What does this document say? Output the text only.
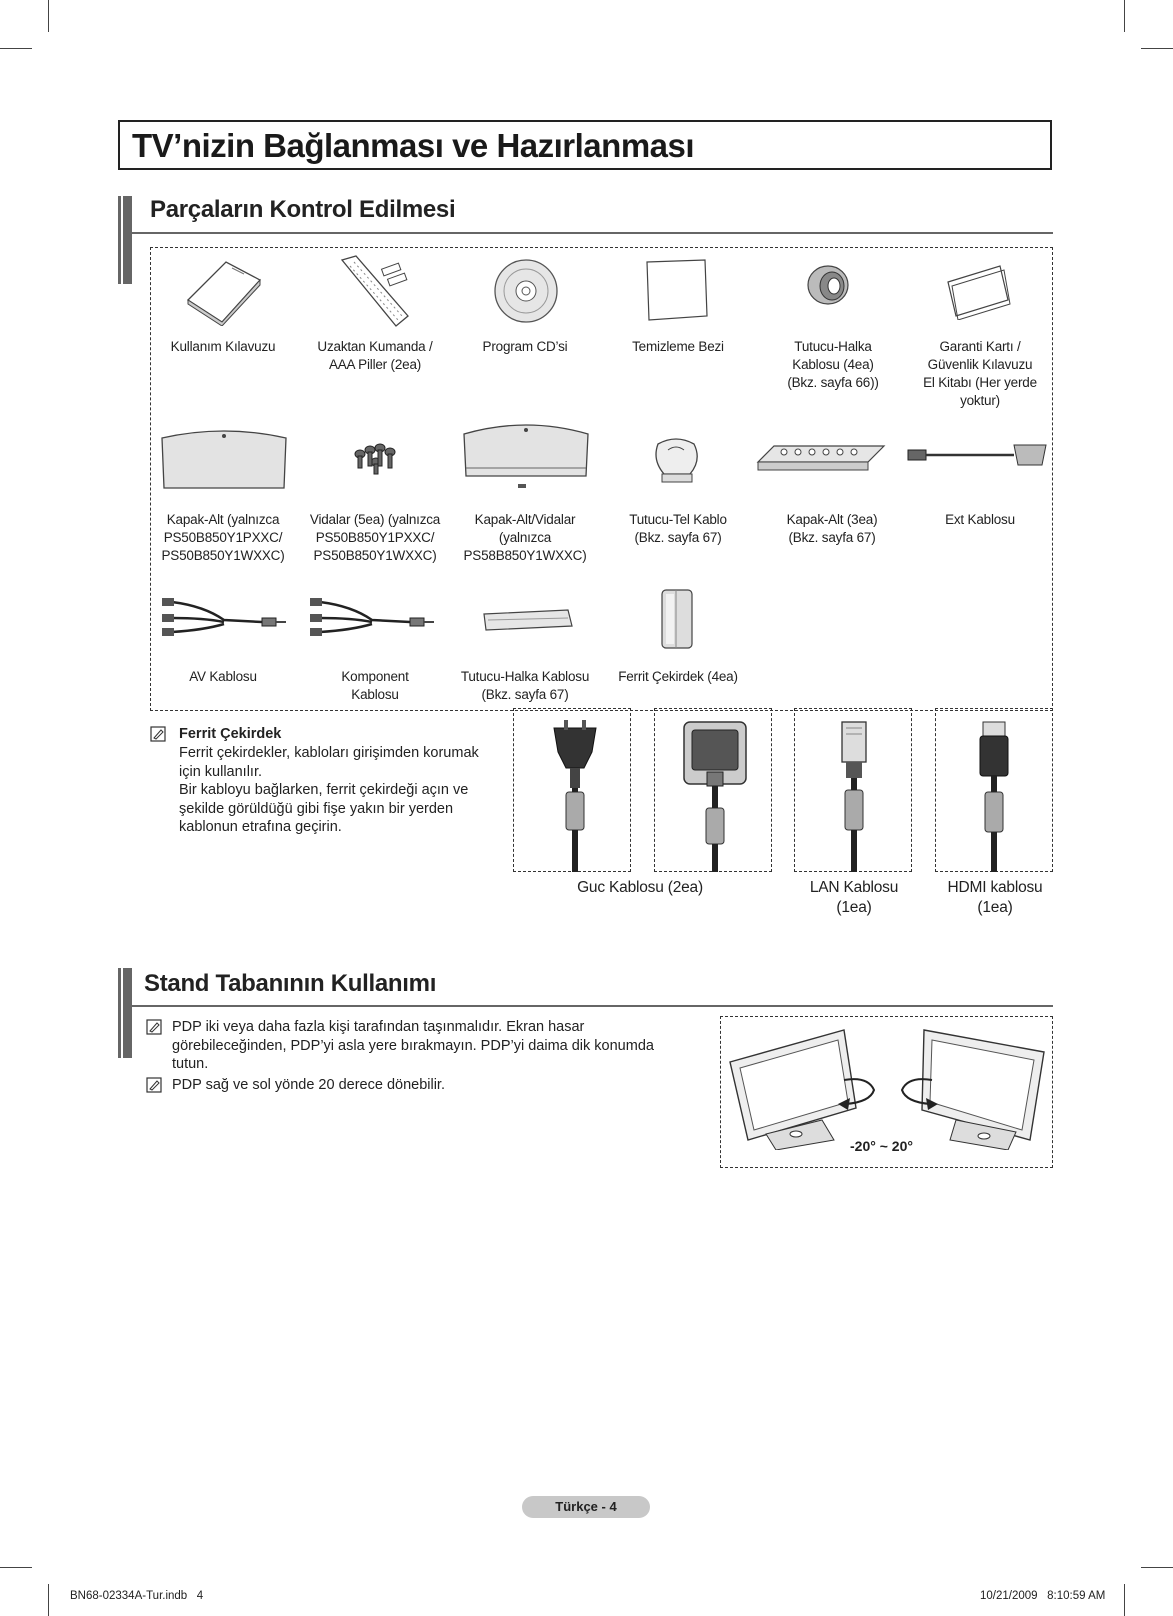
TV’nizin Bağlanması ve Hazırlanması
Parçaların Kontrol Edilmesi
Kullanım Kılavuzu	Uzaktan Kumanda /
AAA Piller (2ea)
Program CD’si	Temizleme Bezi	Tutucu-Halka
Kablosu (4ea)
(Bkz. sayfa 66))
Garanti Kartı /
Güvenlik Kılavuzu
El Kitabı (Her yerde
yoktur)
Kapak-Alt (yalnızca
PS50B850Y1PXXC/
PS50B850Y1WXXC)
Vidalar (5ea) (yalnızca
PS50B850Y1PXXC/
PS50B850Y1WXXC)
Kapak-Alt/Vidalar
(yalnızca
PS58B850Y1WXXC)
Tutucu-Tel Kablo
(Bkz. sayfa 67)
Kapak-Alt (3ea)
(Bkz. sayfa 67)
Ext Kablosu
AV Kablosu	Komponent
Kablosu
Tutucu-Halka Kablosu
(Bkz. sayfa 67)
Ferrit Çekirdek (4ea)
Ferrit Çekirdek
Ferrit çekirdekler, kabloları girişimden korumak
için kullanılır.
Bir kabloyu bağlarken, ferrit çekirdeği açın ve
şekilde görüldüğü gibi fişe yakın bir yerden
kablonun etrafına geçirin.
Guc Kablosu (2ea)	LAN Kablosu
(1ea)
HDMI kablosu
(1ea)
Stand Tabanının Kullanımı
PDP iki veya daha fazla kişi tarafından taşınmalıdır. Ekran hasar
görebileceğinden, PDP’yi asla yere bırakmayın. PDP’yi daima dik konumda
tutun.
PDP sağ ve sol yönde 20 derece dönebilir.
-20° ~ 20°
Türkçe - 4
BN68-02334A-Tur.indb   4	10/21/2009   8:10:59 AM
